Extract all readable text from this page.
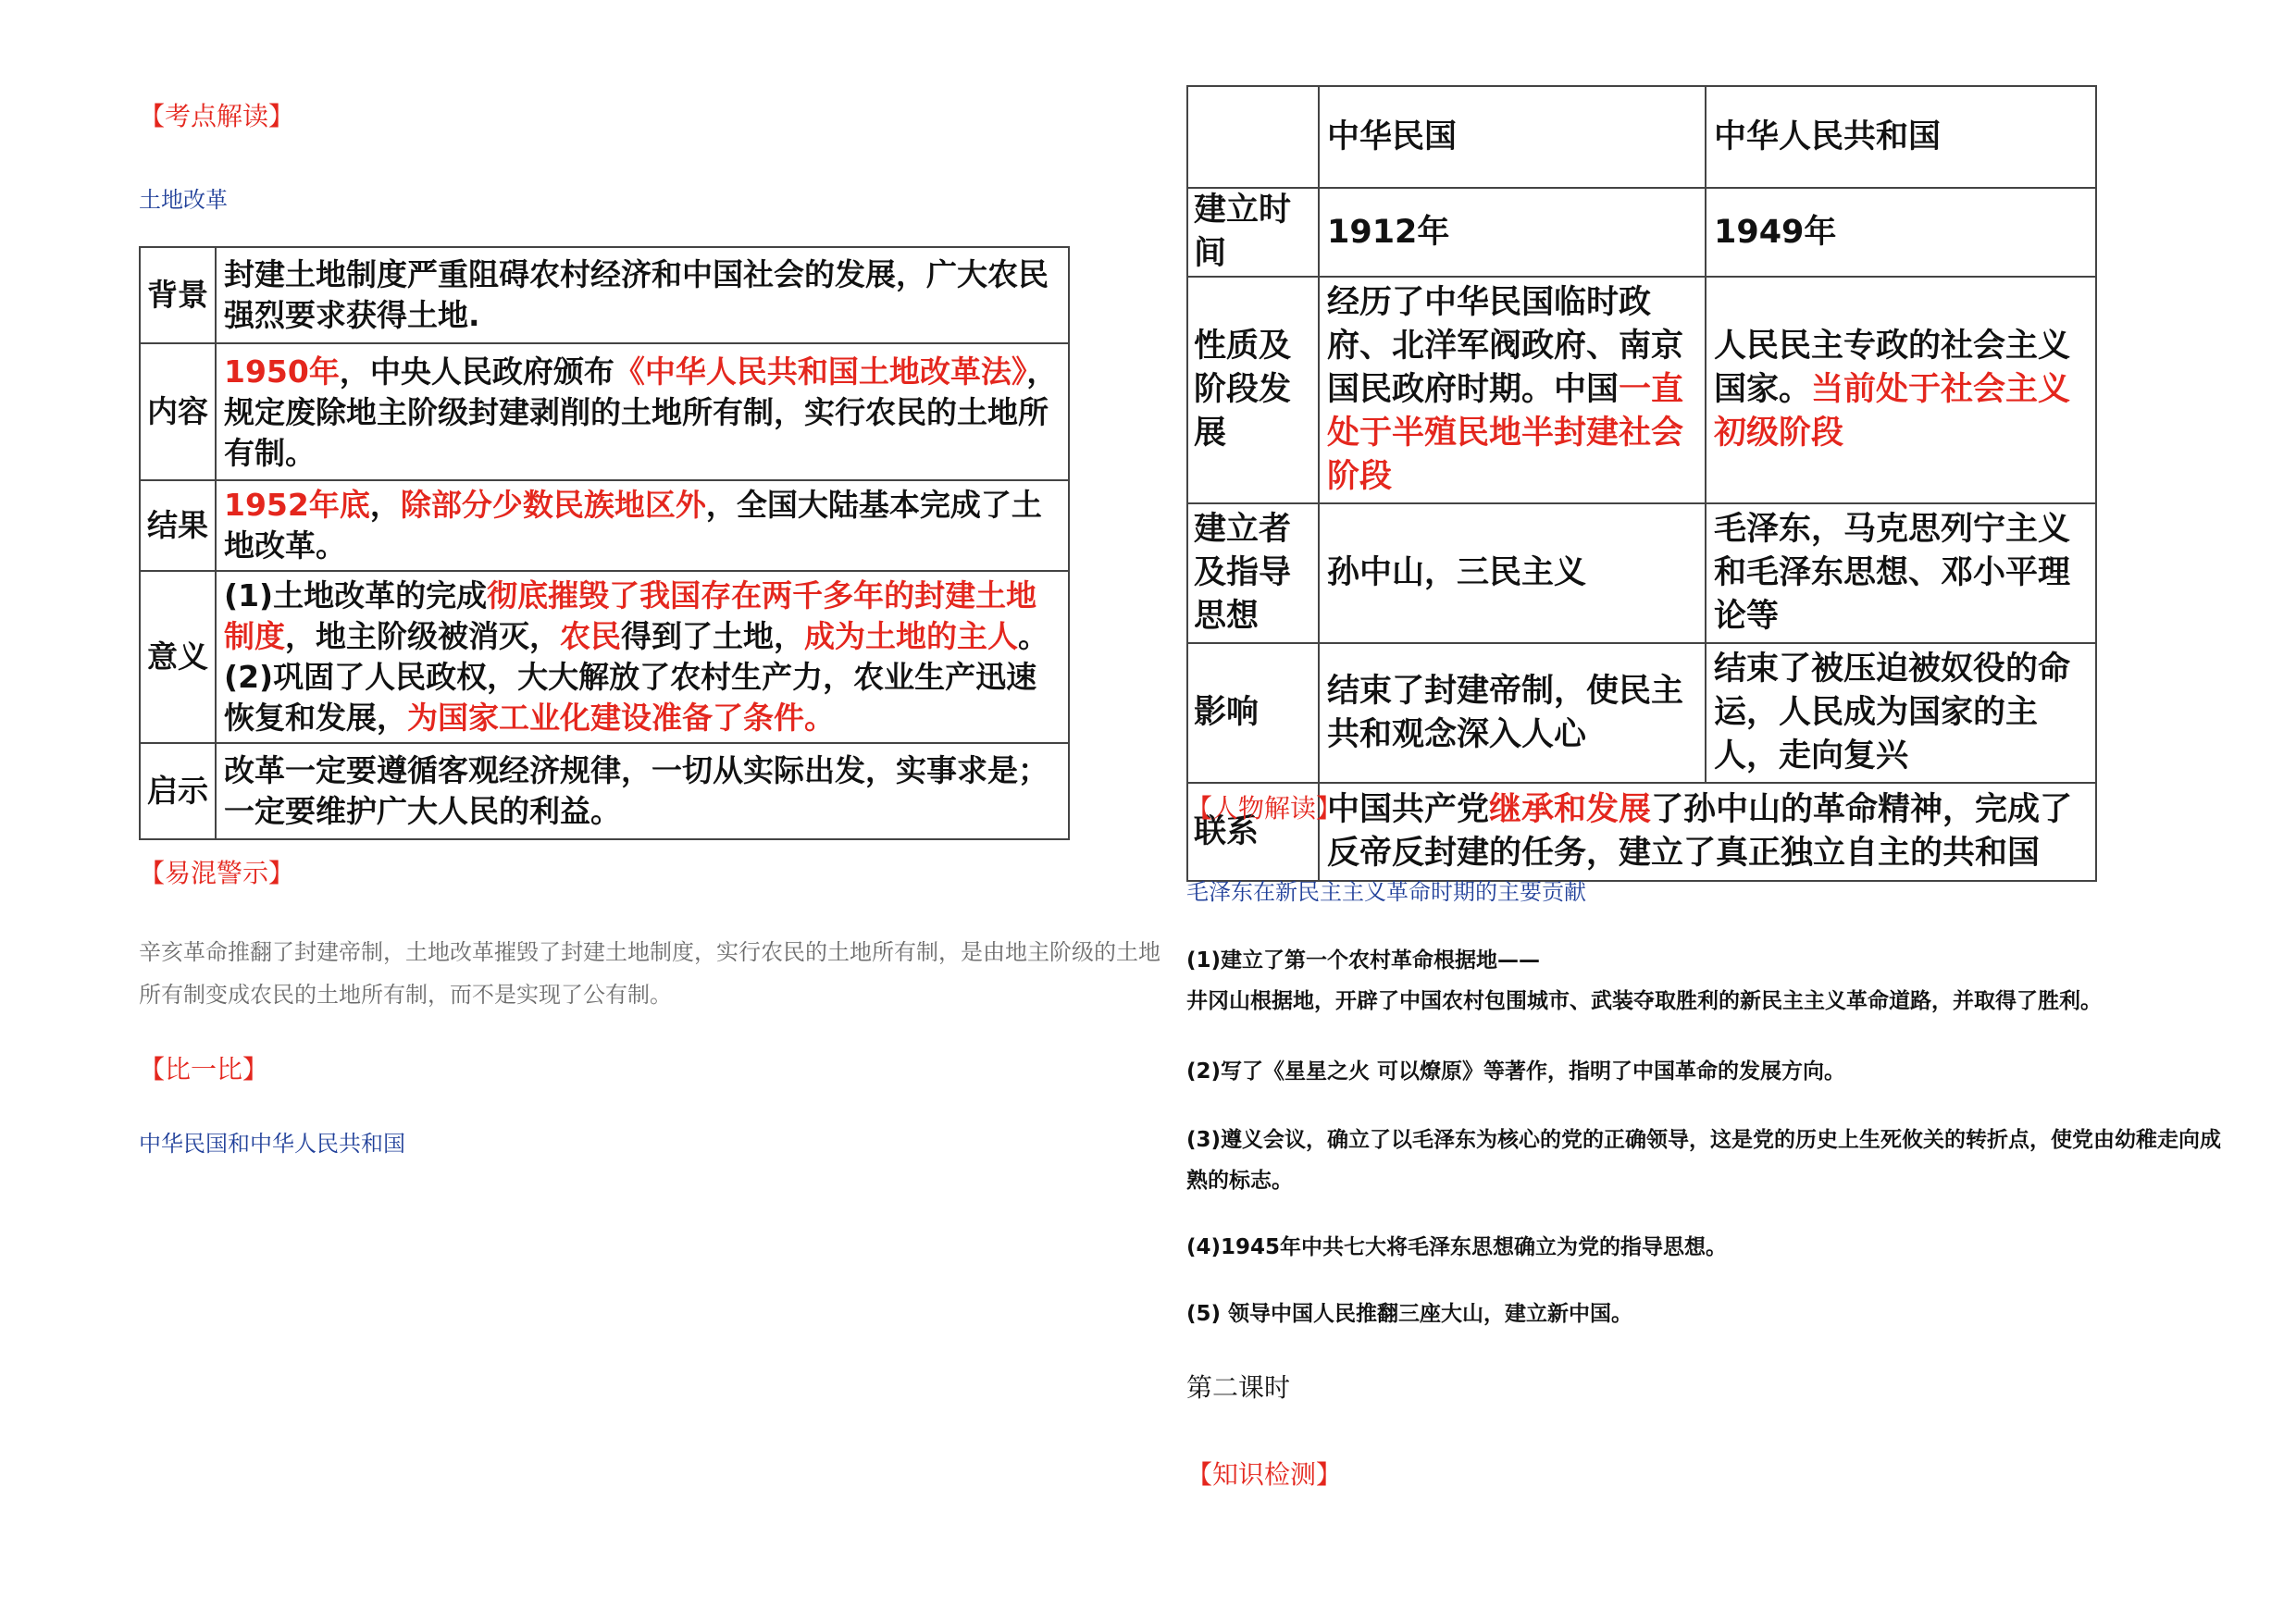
【考点解读】
土地改革
背景	封建土地制度严重阻碍农村经济和中国社会的发展，广大农民强烈要求获得土地.
内容	1950年，中央人民政府颁布《中华人民共和国土地改革法》，规定废除地主阶级封建剥削的土地所有制，实行农民的土地所有制。
结果	1952年底，除部分少数民族地区外，全国大陆基本完成了土地改革。
意义	(1)土地改革的完成彻底摧毁了我国存在两千多年的封建土地制度，地主阶级被消灭，农民得到了土地，成为土地的主人。
(2)巩固了人民政权，大大解放了农村生产力，农业生产迅速恢复和发展，为国家工业化建设准备了条件。
启示	改革一定要遵循客观经济规律，一切从实际出发，实事求是；
一定要维护广大人民的利益。
【易混警示】
辛亥革命推翻了封建帝制，土地改革摧毁了封建土地制度，实行农民的土地所有制，是由地主阶级的土地所有制变成农民的土地所有制，而不是实现了公有制。
【比一比】
中华民国和中华人民共和国
	中华民国	中华人民共和国
建立时间	1912年	1949年
性质及阶段发展	经历了中华民国临时政府、北洋军阀政府、南京国民政府时期。中国一直处于半殖民地半封建社会阶段	人民民主专政的社会主义国家。当前处于社会主义初级阶段
建立者及指导思想	孙中山，三民主义	毛泽东，马克思列宁主义和毛泽东思想、邓小平理论等
影响	结束了封建帝制，使民主共和观念深入人心	结束了被压迫被奴役的命运，人民成为国家的主人，走向复兴
联系	中国共产党继承和发展了孙中山的革命精神，完成了反帝反封建的任务，建立了真正独立自主的共和国	
【人物解读】
毛泽东在新民主主义革命时期的主要贡献
(1)建立了第一个农村革命根据地——
井冈山根据地，开辟了中国农村包围城市、武装夺取胜利的新民主主义革命道路，并取得了胜利。
(2)写了《星星之火 可以燎原》等著作，指明了中国革命的发展方向。
(3)遵义会议，确立了以毛泽东为核心的党的正确领导，这是党的历史上生死攸关的转折点，使党由幼稚走向成熟的标志。
(4)1945年中共七大将毛泽东思想确立为党的指导思想。
(5) 领导中国人民推翻三座大山，建立新中国。
第二课时
【知识检测】
